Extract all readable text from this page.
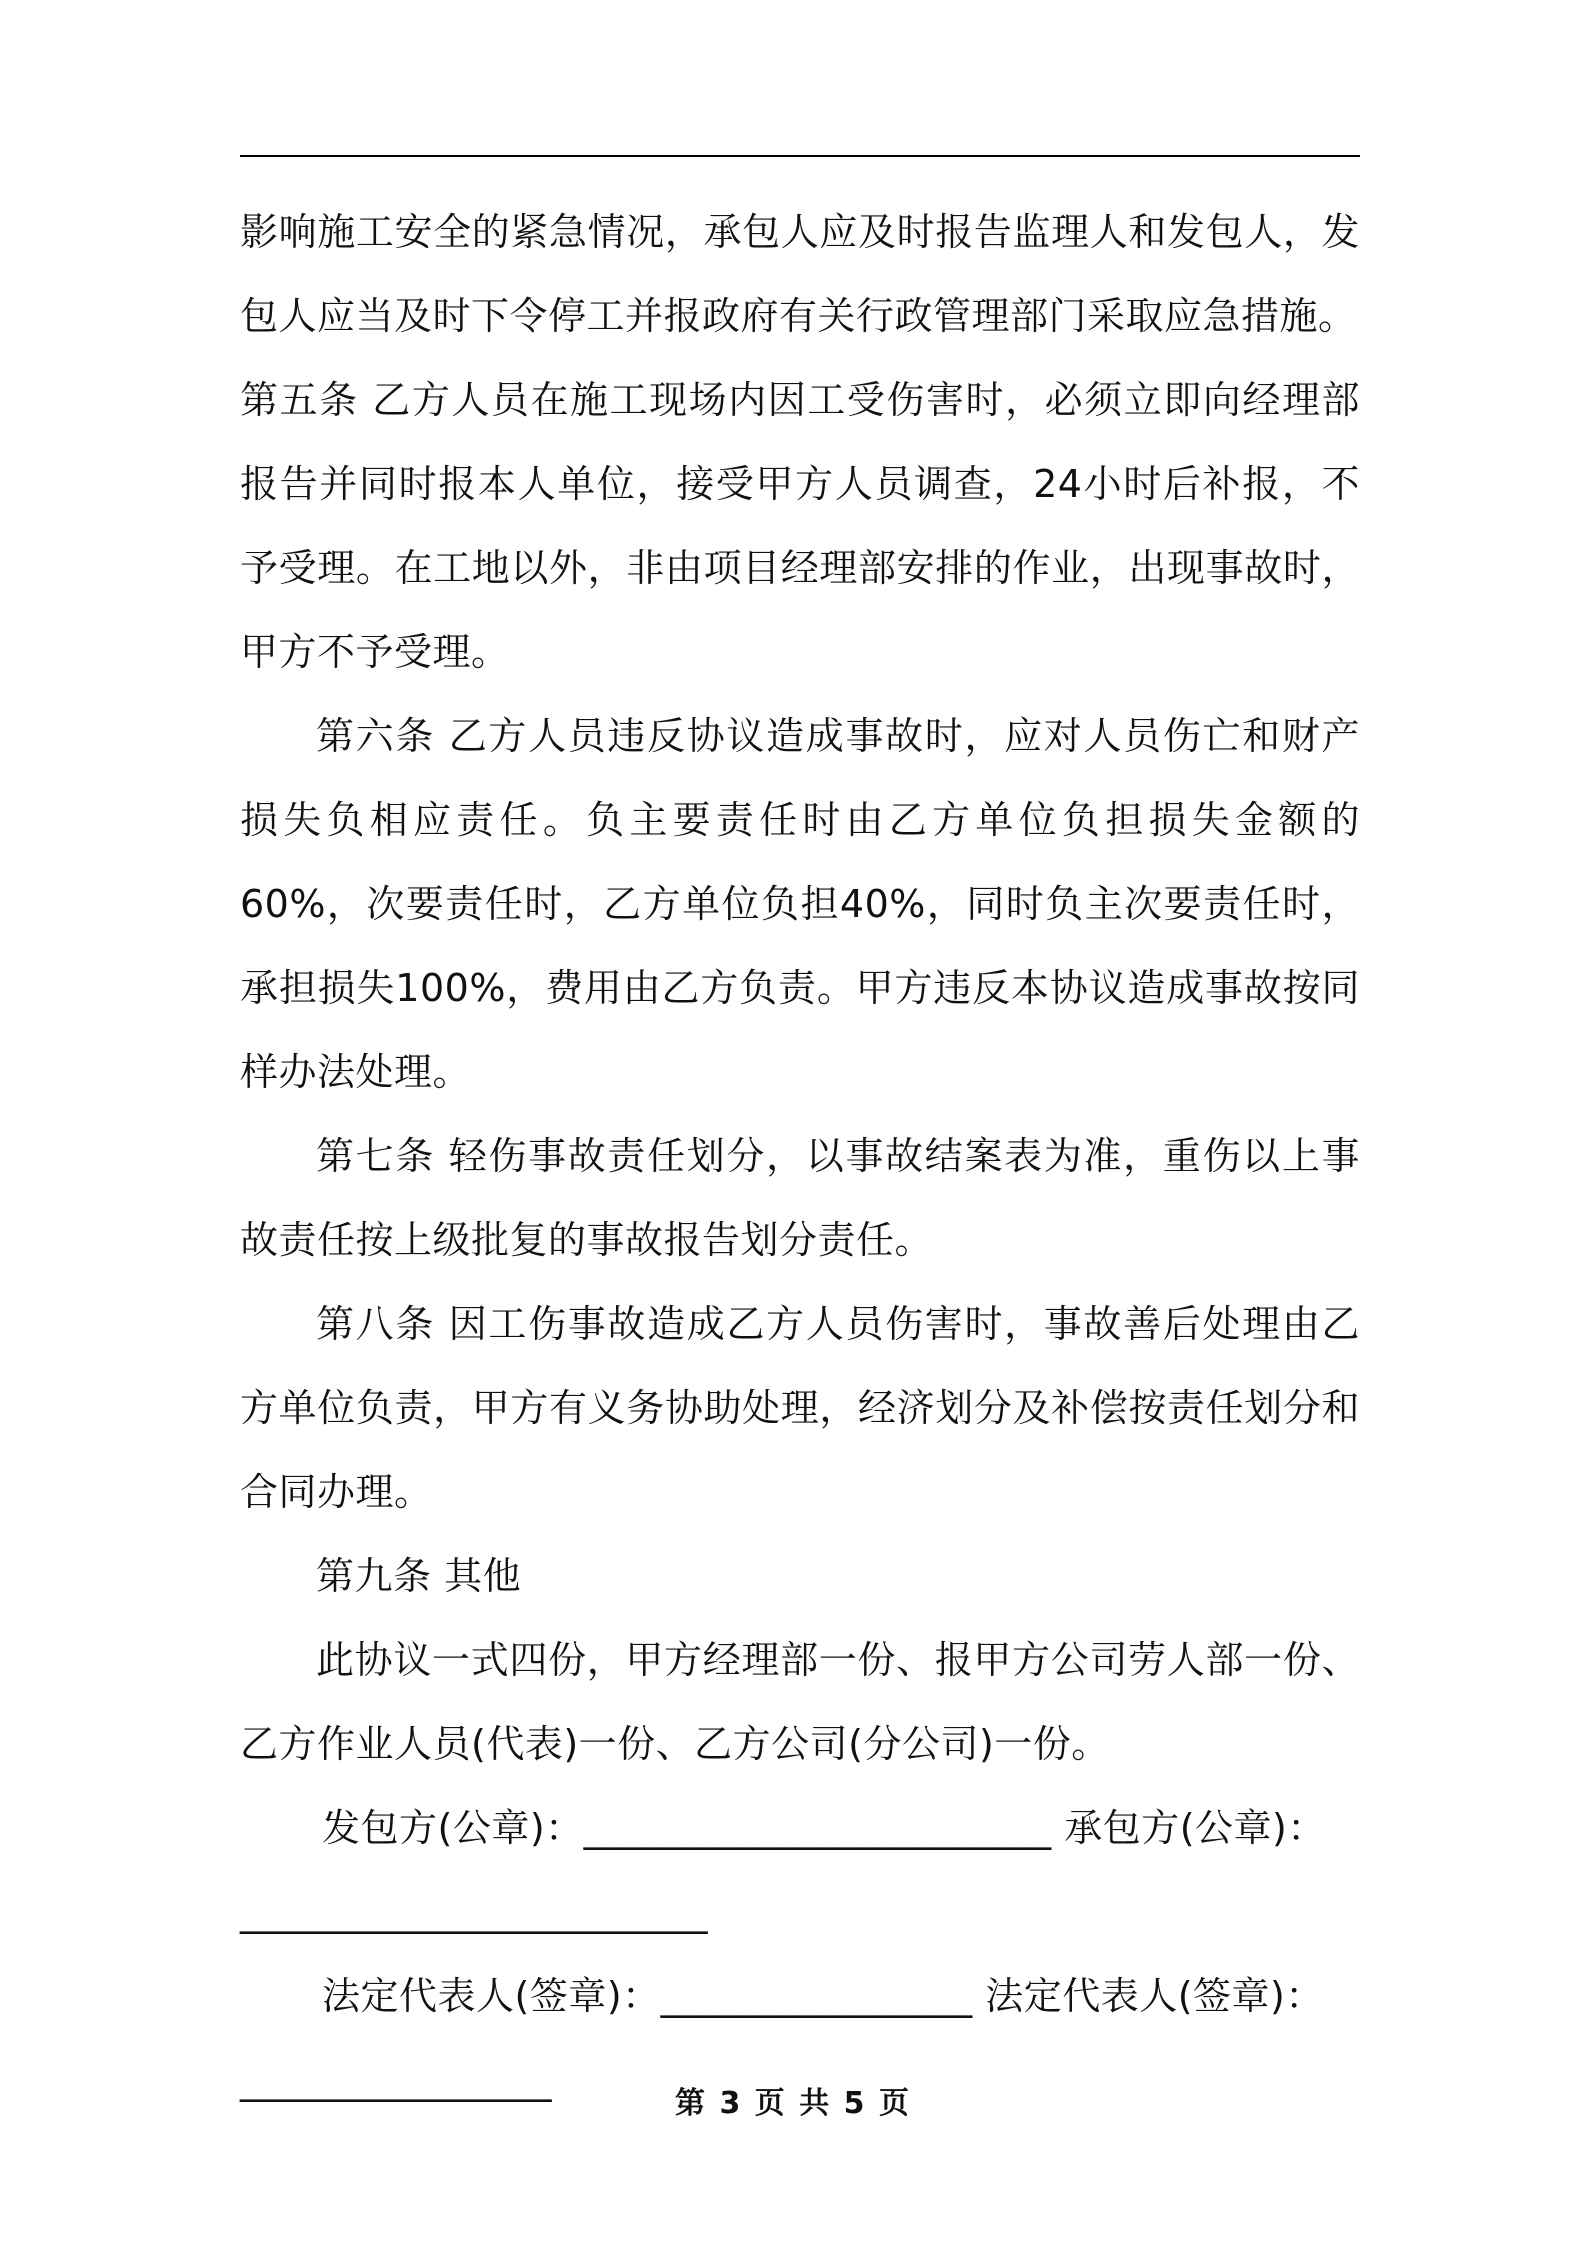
影响施工安全的紧急情况，承包人应及时报告监理人和发包人，发包人应当及时下令停工并报政府有关行政管理部门采取应急措施。

第五条 乙方人员在施工现场内因工受伤害时，必须立即向经理部报告并同时报本人单位，接受甲方人员调查，24小时后补报，不予受理。在工地以外，非由项目经理部安排的作业，出现事故时，甲方不予受理。

第六条 乙方人员违反协议造成事故时，应对人员伤亡和财产损失负相应责任。负主要责任时由乙方单位负担损失金额的60%，次要责任时，乙方单位负担40%，同时负主次要责任时，承担损失100%，费用由乙方负责。甲方违反本协议造成事故按同样办法处理。

第七条 轻伤事故责任划分，以事故结案表为准，重伤以上事故责任按上级批复的事故报告划分责任。

第八条 因工伤事故造成乙方人员伤害时，事故善后处理由乙方单位负责，甲方有义务协助处理，经济划分及补偿按责任划分和合同办理。

第九条 其他

此协议一式四份，甲方经理部一份、报甲方公司劳人部一份、乙方作业人员(代表)一份、乙方公司(分公司)一份。

发包方(公章)：________________________ 承包方(公章)：

________________________

法定代表人(签章)：________________ 法定代表人(签章)：

________________

第 3 页 共 5 页
